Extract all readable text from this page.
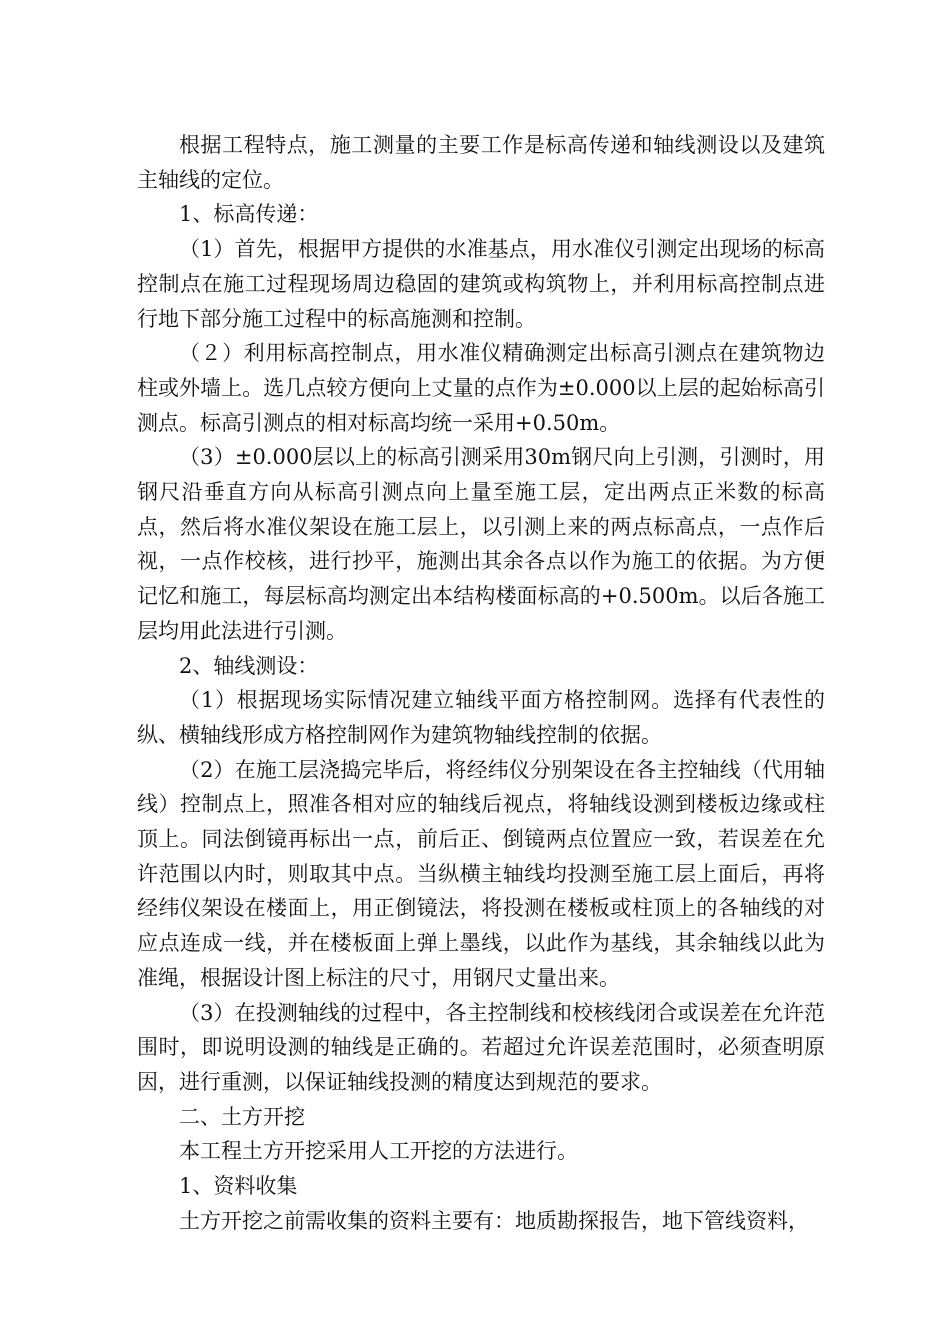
根据工程特点，施工测量的主要工作是标高传递和轴线测设以及建筑主轴线的定位。

1、标高传递：

（1）首先，根据甲方提供的水准基点，用水准仪引测定出现场的标高控制点在施工过程现场周边稳固的建筑或构筑物上，并利用标高控制点进行地下部分施工过程中的标高施测和控制。

（２）利用标高控制点，用水准仪精确测定出标高引测点在建筑物边柱或外墙上。选几点较方便向上丈量的点作为±0.000以上层的起始标高引测点。标高引测点的相对标高均统一采用+0.50m。

（3）±0.000层以上的标高引测采用30m钢尺向上引测，引测时，用钢尺沿垂直方向从标高引测点向上量至施工层，定出两点正米数的标高点，然后将水准仪架设在施工层上，以引测上来的两点标高点，一点作后视，一点作校核，进行抄平，施测出其余各点以作为施工的依据。为方便记忆和施工，每层标高均测定出本结构楼面标高的+0.500m。以后各施工层均用此法进行引测。

2、轴线测设：

（1）根据现场实际情况建立轴线平面方格控制网。选择有代表性的纵、横轴线形成方格控制网作为建筑物轴线控制的依据。

（2）在施工层浇捣完毕后，将经纬仪分别架设在各主控轴线（代用轴线）控制点上，照准各相对应的轴线后视点，将轴线设测到楼板边缘或柱顶上。同法倒镜再标出一点，前后正、倒镜两点位置应一致，若误差在允许范围以内时，则取其中点。当纵横主轴线均投测至施工层上面后，再将经纬仪架设在楼面上，用正倒镜法，将投测在楼板或柱顶上的各轴线的对应点连成一线，并在楼板面上弹上墨线，以此作为基线，其余轴线以此为准绳，根据设计图上标注的尺寸，用钢尺丈量出来。

（3）在投测轴线的过程中，各主控制线和校核线闭合或误差在允许范围时，即说明设测的轴线是正确的。若超过允许误差范围时，必须查明原因，进行重测，以保证轴线投测的精度达到规范的要求。

二、土方开挖

本工程土方开挖采用人工开挖的方法进行。

1、资料收集

土方开挖之前需收集的资料主要有：地质勘探报告，地下管线资料，
